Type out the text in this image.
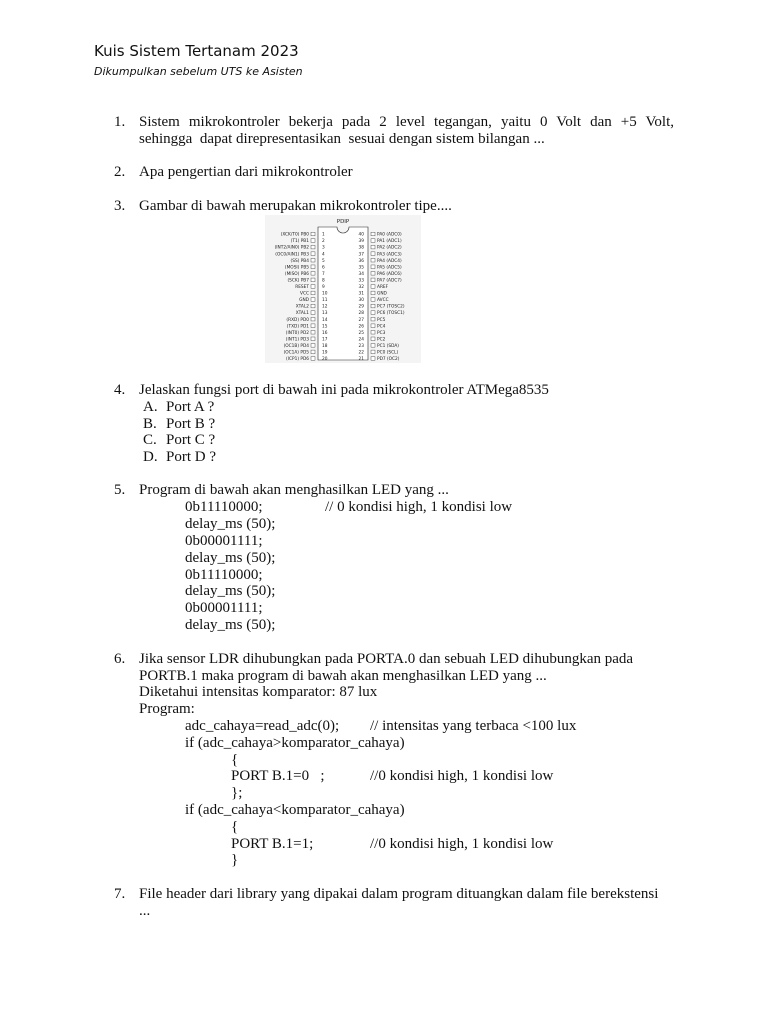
Kuis Sistem Tertanam 2023
Dikumpulkan sebelum UTS ke Asisten
1. Sistem mikrokontroler bekerja pada 2 level tegangan, yaitu 0 Volt dan +5 Volt,
sehingga  dapat direpresentasikan  sesuai dengan sistem bilangan ...
2. Apa pengertian dari mikrokontroler
3. Gambar di bawah merupakan mikrokontroler tipe....
PDIP
(XCK/T0) PB0	1
(T1) PB1	2
(INT2/AIN0) PB2	3
(OC0/AIN1) PB3	4
(SS) PB4	5
(MOSI) PB5	6
(MISO) PB6	7
(SCK) PB7	8
RESET	9
VCC	10
GND	11
XTAL2	12
XTAL1	13
(RXD) PD0	14
(TXD) PD1	15
(INT0) PD2	16
(INT1) PD3	17
(OC1B) PD4	18
(OC1A) PD5	19
(ICP1) PD6	20
40	PA0 (ADC0)
39	PA1 (ADC1)
38	PA2 (ADC2)
37	PA3 (ADC3)
36	PA4 (ADC4)
35	PA5 (ADC5)
34	PA6 (ADC6)
33	PA7 (ADC7)
32	AREF
31	GND
30	AVCC
29	PC7 (TOSC2)
28	PC6 (TOSC1)
27	PC5
26	PC4
25	PC3
24	PC2
23	PC1 (SDA)
22	PC0 (SCL)
21	PD7 (OC2)
4. Jelaskan fungsi port di bawah ini pada mikrokontroler ATMega8535
A. Port A ?
B. Port B ?
C. Port C ?
D. Port D ?
5. Program di bawah akan menghasilkan LED yang ...
0b11110000;	// 0 kondisi high, 1 kondisi low
delay_ms (50);
0b00001111;
delay_ms (50);
0b11110000;
delay_ms (50);
0b00001111;
delay_ms (50);
6. Jika sensor LDR dihubungkan pada PORTA.0 dan sebuah LED dihubungkan pada
PORTB.1 maka program di bawah akan menghasilkan LED yang ...
Diketahui intensitas komparator: 87 lux
Program:
adc_cahaya=read_adc(0); // intensitas yang terbaca <100 lux
if (adc_cahaya>komparator_cahaya)
{
PORT B.1=0   ;	//0 kondisi high, 1 kondisi low
};
if (adc_cahaya<komparator_cahaya)
{
PORT B.1=1;	//0 kondisi high, 1 kondisi low
}
7. File header dari library yang dipakai dalam program dituangkan dalam file berekstensi
...
